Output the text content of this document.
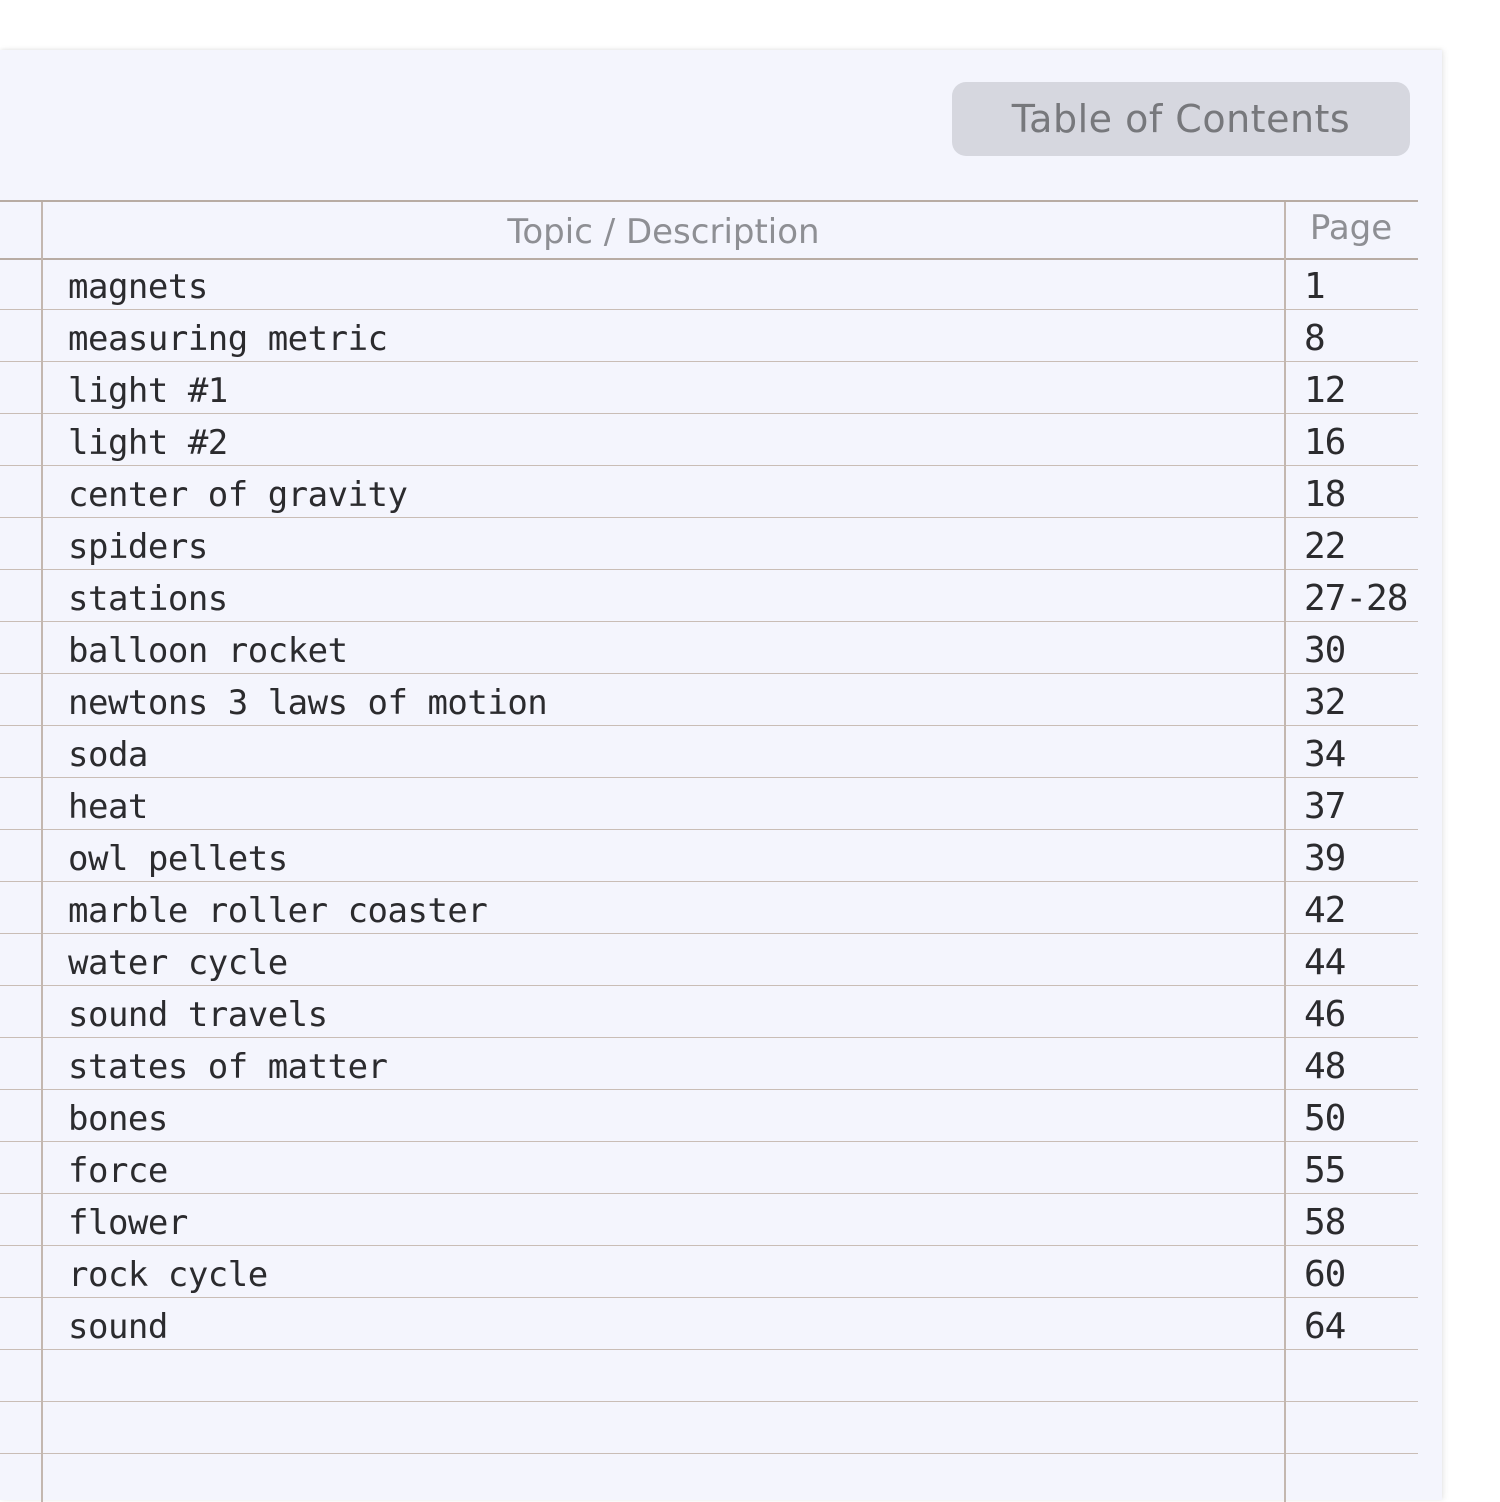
Table of Contents
Topic / Description	Page
magnets	1
measuring metric	8
light #1	12
light #2	16
center of gravity	18
spiders	22
stations	27-28
balloon rocket	30
newtons 3 laws of motion	32
soda	34
heat	37
owl pellets	39
marble roller coaster	42
water cycle	44
sound travels	46
states of matter	48
bones	50
force	55
flower	58
rock cycle	60
sound	64
